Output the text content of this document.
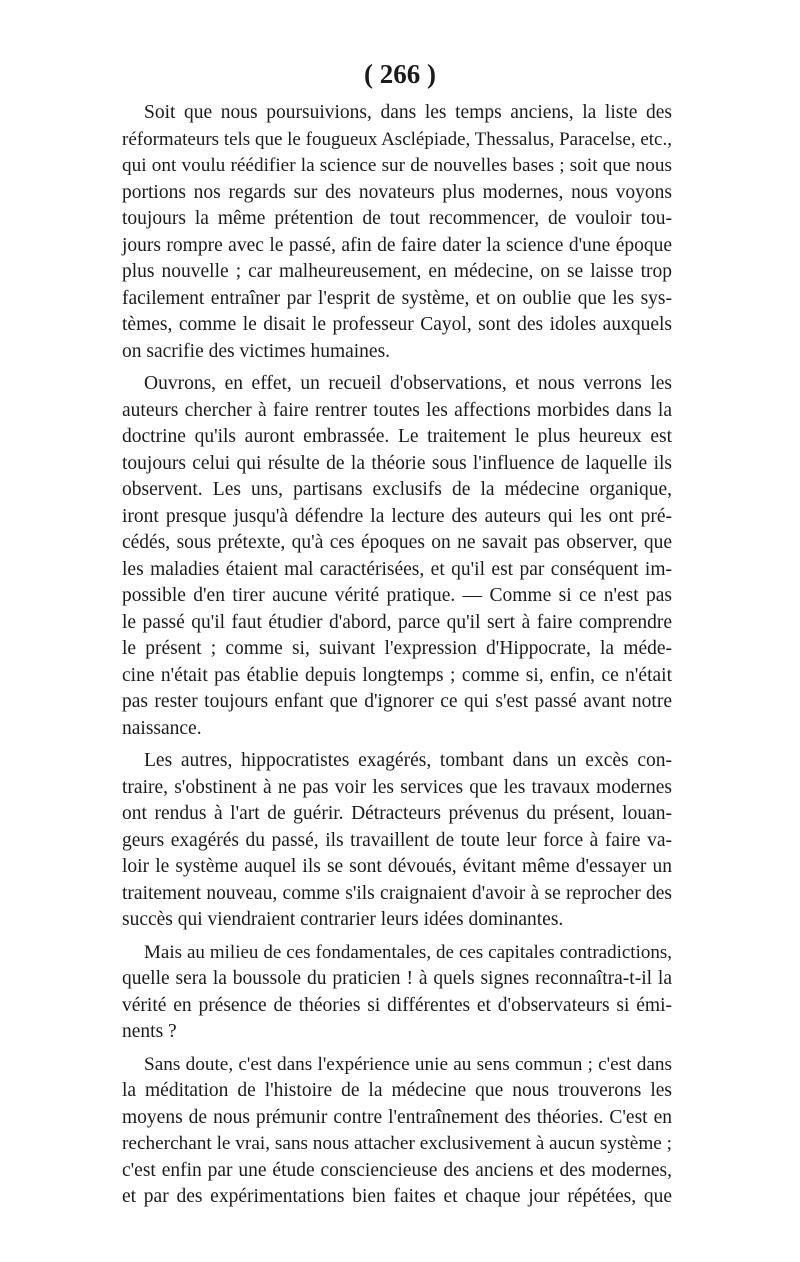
( 266 )

Soit que nous poursuivions, dans les temps anciens, la liste des
réformateurs tels que le fougueux Asclépiade, Thessalus, Paracelse, etc.,
qui ont voulu réédifier la science sur de nouvelles bases ; soit que nous
portions nos regards sur des novateurs plus modernes, nous voyons
toujours la même prétention de tout recommencer, de vouloir tou-
jours rompre avec le passé, afin de faire dater la science d'une époque
plus nouvelle ; car malheureusement, en médecine, on se laisse trop
facilement entraîner par l'esprit de système, et on oublie que les sys-
tèmes, comme le disait le professeur Cayol, sont des idoles auxquels
on sacrifie des victimes humaines.

Ouvrons, en effet, un recueil d'observations, et nous verrons les
auteurs chercher à faire rentrer toutes les affections morbides dans la
doctrine qu'ils auront embrassée. Le traitement le plus heureux est
toujours celui qui résulte de la théorie sous l'influence de laquelle ils
observent. Les uns, partisans exclusifs de la médecine organique,
iront presque jusqu'à défendre la lecture des auteurs qui les ont pré-
cédés, sous prétexte, qu'à ces époques on ne savait pas observer, que
les maladies étaient mal caractérisées, et qu'il est par conséquent im-
possible d'en tirer aucune vérité pratique. — Comme si ce n'est pas
le passé qu'il faut étudier d'abord, parce qu'il sert à faire comprendre
le présent ; comme si, suivant l'expression d'Hippocrate, la méde-
cine n'était pas établie depuis longtemps ; comme si, enfin, ce n'était
pas rester toujours enfant que d'ignorer ce qui s'est passé avant notre
naissance.

Les autres, hippocratistes exagérés, tombant dans un excès con-
traire, s'obstinent à ne pas voir les services que les travaux modernes
ont rendus à l'art de guérir. Détracteurs prévenus du présent, louan-
geurs exagérés du passé, ils travaillent de toute leur force à faire va-
loir le système auquel ils se sont dévoués, évitant même d'essayer un
traitement nouveau, comme s'ils craignaient d'avoir à se reprocher des
succès qui viendraient contrarier leurs idées dominantes.

Mais au milieu de ces fondamentales, de ces capitales contradictions,
quelle sera la boussole du praticien ! à quels signes reconnaîtra-t-il la
vérité en présence de théories si différentes et d'observateurs si émi-
nents ?

Sans doute, c'est dans l'expérience unie au sens commun ; c'est dans
la méditation de l'histoire de la médecine que nous trouverons les
moyens de nous prémunir contre l'entraînement des théories. C'est en
recherchant le vrai, sans nous attacher exclusivement à aucun système ;
c'est enfin par une étude consciencieuse des anciens et des modernes,
et par des expérimentations bien faites et chaque jour répétées, que
